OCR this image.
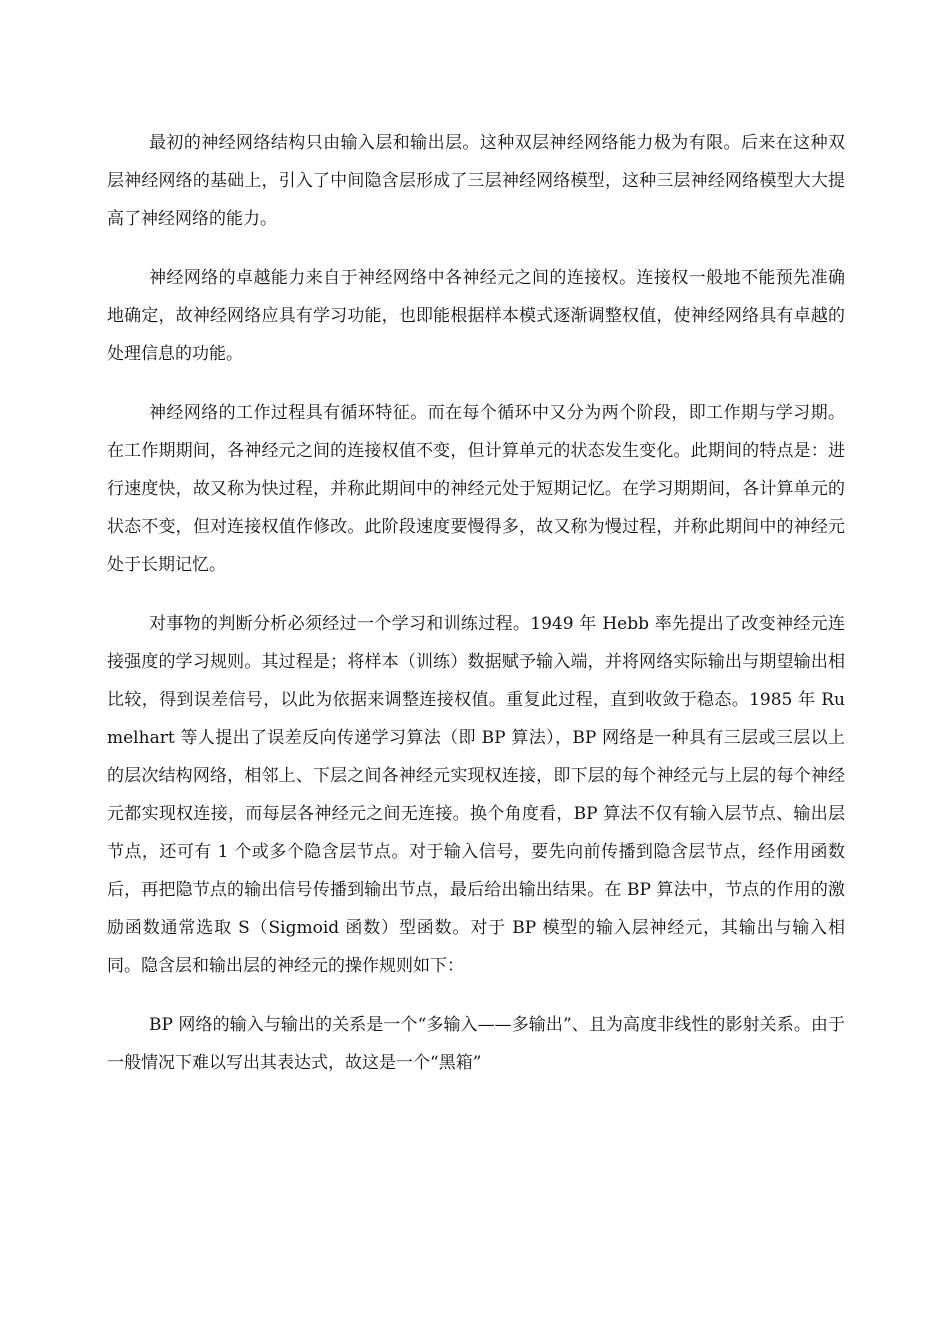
最初的神经网络结构只由输入层和输出层。这种双层神经网络能力极为有限。后来在这种双层神经网络的基础上，引入了中间隐含层形成了三层神经网络模型，这种三层神经网络模型大大提高了神经网络的能力。

神经网络的卓越能力来自于神经网络中各神经元之间的连接权。连接权一般地不能预先准确地确定，故神经网络应具有学习功能，也即能根据样本模式逐渐调整权值，使神经网络具有卓越的处理信息的功能。

神经网络的工作过程具有循环特征。而在每个循环中又分为两个阶段，即工作期与学习期。在工作期期间，各神经元之间的连接权值不变，但计算单元的状态发生变化。此期间的特点是：进行速度快，故又称为快过程，并称此期间中的神经元处于短期记忆。在学习期期间，各计算单元的状态不变，但对连接权值作修改。此阶段速度要慢得多，故又称为慢过程，并称此期间中的神经元处于长期记忆。

对事物的判断分析必须经过一个学习和训练过程。1949 年 Hebb 率先提出了改变神经元连接强度的学习规则。其过程是；将样本（训练）数据赋予输入端，并将网络实际输出与期望输出相比较，得到误差信号，以此为依据来调整连接权值。重复此过程，直到收敛于稳态。1985 年 Rumelhart 等人提出了误差反向传递学习算法（即 BP 算法），BP 网络是一种具有三层或三层以上的层次结构网络，相邻上、下层之间各神经元实现权连接，即下层的每个神经元与上层的每个神经元都实现权连接，而每层各神经元之间无连接。换个角度看，BP 算法不仅有输入层节点、输出层节点，还可有 1 个或多个隐含层节点。对于输入信号，要先向前传播到隐含层节点，经作用函数后，再把隐节点的输出信号传播到输出节点，最后给出输出结果。在 BP 算法中，节点的作用的激励函数通常选取 S（Sigmoid 函数）型函数。对于 BP 模型的输入层神经元，其输出与输入相同。隐含层和输出层的神经元的操作规则如下：

BP 网络的输入与输出的关系是一个“多输入——多输出”、且为高度非线性的影射关系。由于一般情况下难以写出其表达式，故这是一个“黑箱”
